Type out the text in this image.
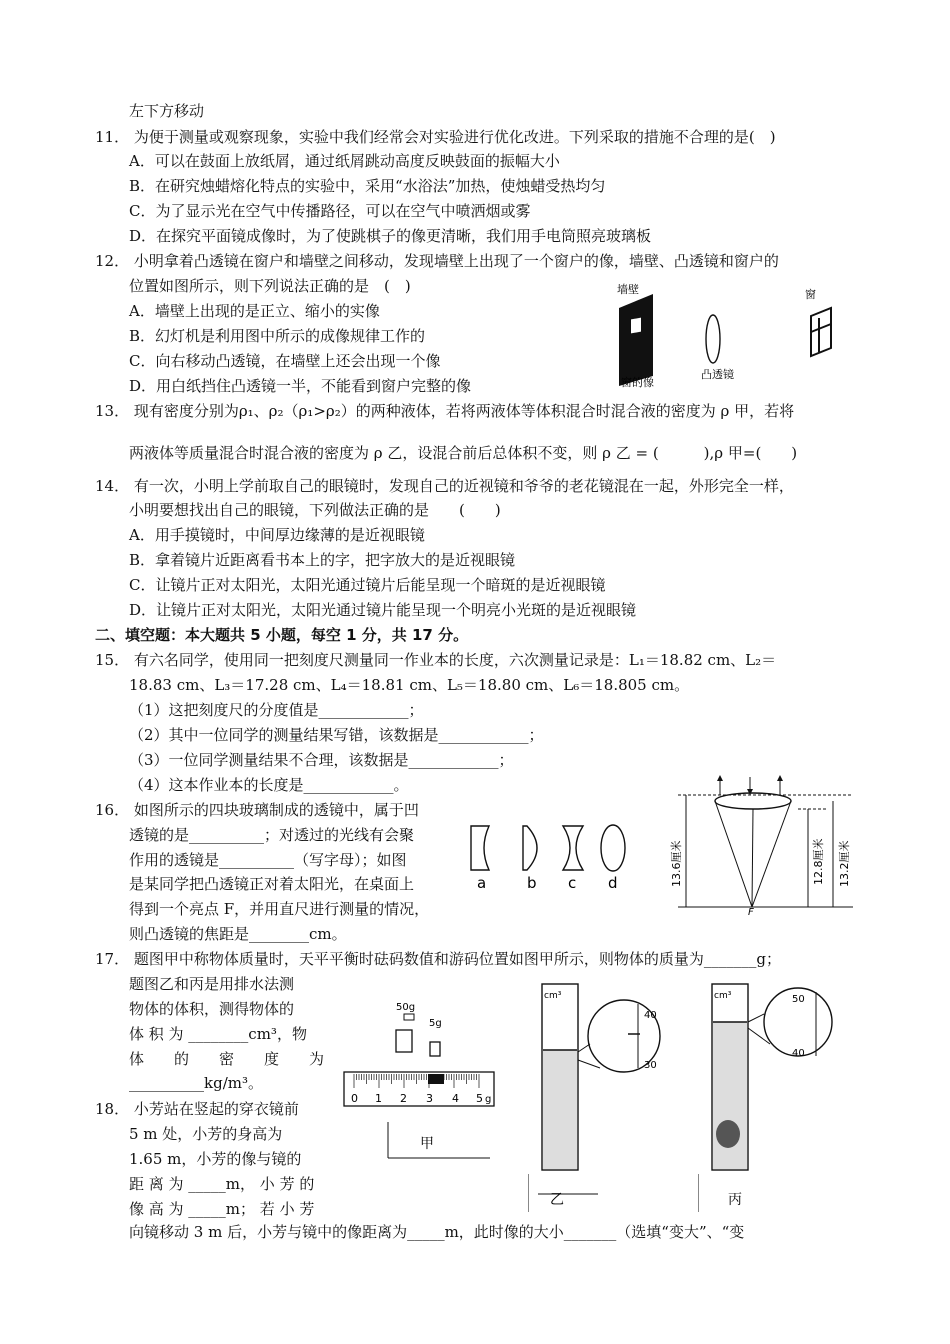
左下方移动
11． 为便于测量或观察现象，实验中我们经常会对实验进行优化改进。下列采取的措施不合理的是(　)
A．可以在鼓面上放纸屑，通过纸屑跳动高度反映鼓面的振幅大小
B．在研究烛蜡熔化特点的实验中，采用“水浴法”加热，使烛蜡受热均匀
C．为了显示光在空气中传播路径，可以在空气中喷洒烟或雾
D．在探究平面镜成像时，为了使跳棋子的像更清晰，我们用手电筒照亮玻璃板
12． 小明拿着凸透镜在窗户和墙壁之间移动，发现墙壁上出现了一个窗户的像，墙壁、凸透镜和窗户的
位置如图所示，则下列说法正确的是　(　)
A．墙壁上出现的是正立、缩小的实像
B．幻灯机是利用图中所示的成像规律工作的
C．向右移动凸透镜，在墙壁上还会出现一个像
D．用白纸挡住凸透镜一半，不能看到窗户完整的像
墙壁
凸透镜
窗的像
窗
13． 现有密度分别为ρ₁、ρ₂（ρ₁>ρ₂）的两种液体，若将两液体等体积混合时混合液的密度为 ρ 甲，若将
两液体等质量混合时混合液的密度为 ρ 乙，设混合前后总体积不变，则 ρ 乙 = (　　　),ρ 甲=(　　)
14． 有一次，小明上学前取自己的眼镜时，发现自己的近视镜和爷爷的老花镜混在一起，外形完全一样，
小明要想找出自己的眼镜，下列做法正确的是　　(　　)
A．用手摸镜时，中间厚边缘薄的是近视眼镜
B．拿着镜片近距离看书本上的字，把字放大的是近视眼镜
C．让镜片正对太阳光，太阳光通过镜片后能呈现一个暗斑的是近视眼镜
D．让镜片正对太阳光，太阳光通过镜片能呈现一个明亮小光斑的是近视眼镜
二、填空题：本大题共 5 小题，每空 1 分，共 17 分。
15． 有六名同学，使用同一把刻度尺测量同一作业本的长度，六次测量记录是：L₁＝18.82 cm、L₂＝
18.83 cm、L₃＝17.28 cm、L₄＝18.81 cm、L₅＝18.80 cm、L₆＝18.805 cm。
（1）这把刻度尺的分度值是____________；
（2）其中一位同学的测量结果写错，该数据是____________；
（3）一位同学测量结果不合理，该数据是____________；
（4）这本作业本的长度是____________。
16． 如图所示的四块玻璃制成的透镜中，属于凹
透镜的是__________；对透过的光线有会聚
作用的透镜是__________（写字母）；如图
是某同学把凸透镜正对着太阳光，在桌面上
得到一个亮点 F，并用直尺进行测量的情况，
则凸透镜的焦距是________cm。
a	b c d	13.6厘米	12.8厘米 13.2厘米
F
17． 题图甲中称物体质量时，天平平衡时砝码数值和游码位置如图甲所示，则物体的质量为_______g；
题图乙和丙是用排水法测
物体的体积，测得物体的
体 积 为 ________cm³，物
体　　的　　密　　度　　为
__________kg/m³。
18． 小芳站在竖起的穿衣镜前
5 m 处，小芳的身高为
1.65 m，小芳的像与镜的
距 离 为 _____m， 小 芳 的
像 高 为 _____m； 若 小 芳
向镜移动 3 m 后，小芳与镜中的像距离为_____m，此时像的大小_______（选填“变大”、“变
50g
5g
0 1 2 3 4 5 g
甲
cm³
40
30
乙
cm³	50
40
丙
